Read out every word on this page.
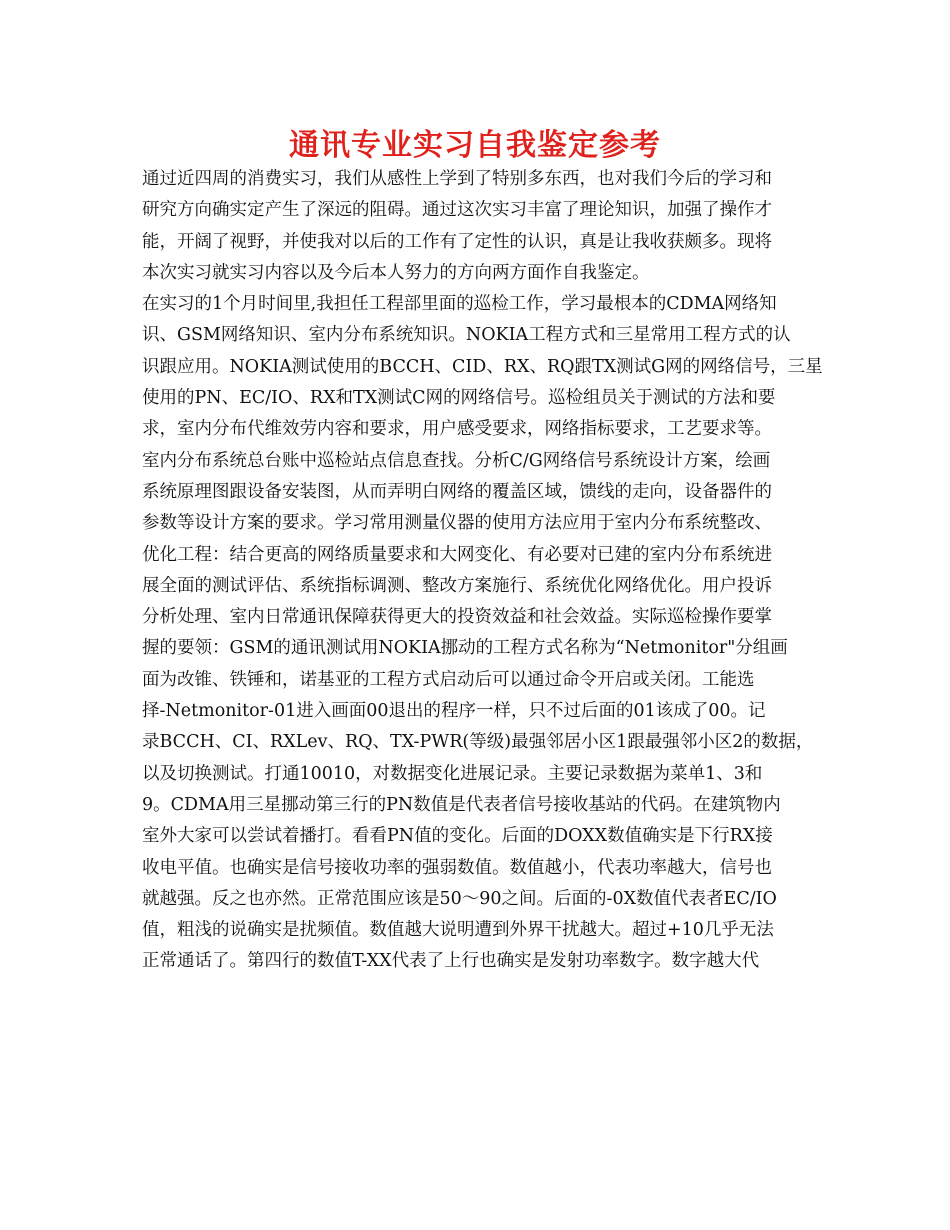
通讯专业实习自我鉴定参考
通过近四周的消费实习，我们从感性上学到了特别多东西，也对我们今后的学习和
研究方向确实定产生了深远的阻碍。通过这次实习丰富了理论知识，加强了操作才
能，开阔了视野，并使我对以后的工作有了定性的认识，真是让我收获颇多。现将
本次实习就实习内容以及今后本人努力的方向两方面作自我鉴定。
在实习的1个月时间里,我担任工程部里面的巡检工作，学习最根本的CDMA网络知
识、GSM网络知识、室内分布系统知识。NOKIA工程方式和三星常用工程方式的认
识跟应用。NOKIA测试使用的BCCH、CID、RX、RQ跟TX测试G网的网络信号，三星
使用的PN、EC/IO、RX和TX测试C网的网络信号。巡检组员关于测试的方法和要
求，室内分布代维效劳内容和要求，用户感受要求，网络指标要求，工艺要求等。
室内分布系统总台账中巡检站点信息查找。分析C/G网络信号系统设计方案，绘画
系统原理图跟设备安装图，从而弄明白网络的覆盖区域，馈线的走向，设备器件的
参数等设计方案的要求。学习常用测量仪器的使用方法应用于室内分布系统整改、
优化工程：结合更高的网络质量要求和大网变化、有必要对已建的室内分布系统进
展全面的测试评估、系统指标调测、整改方案施行、系统优化网络优化。用户投诉
分析处理、室内日常通讯保障获得更大的投资效益和社会效益。实际巡检操作要掌
握的要领：GSM的通讯测试用NOKIA挪动的工程方式名称为“Netmonitor"分组画
面为改锥、铁锤和，诺基亚的工程方式启动后可以通过命令开启或关闭。工能选
择-Netmonitor-01进入画面00退出的程序一样，只不过后面的01该成了00。记
录BCCH、CI、RXLev、RQ、TX-PWR(等级)最强邻居小区1跟最强邻小区2的数据，
以及切换测试。打通10010，对数据变化进展记录。主要记录数据为菜单1、3和
9。CDMA用三星挪动第三行的PN数值是代表者信号接收基站的代码。在建筑物内
室外大家可以尝试着播打。看看PN值的变化。后面的DOXX数值确实是下行RX接
收电平值。也确实是信号接收功率的强弱数值。数值越小，代表功率越大，信号也
就越强。反之也亦然。正常范围应该是50～90之间。后面的-0X数值代表者EC/IO
值，粗浅的说确实是扰频值。数值越大说明遭到外界干扰越大。超过+10几乎无法
正常通话了。第四行的数值T-XX代表了上行也确实是发射功率数字。数字越大代
